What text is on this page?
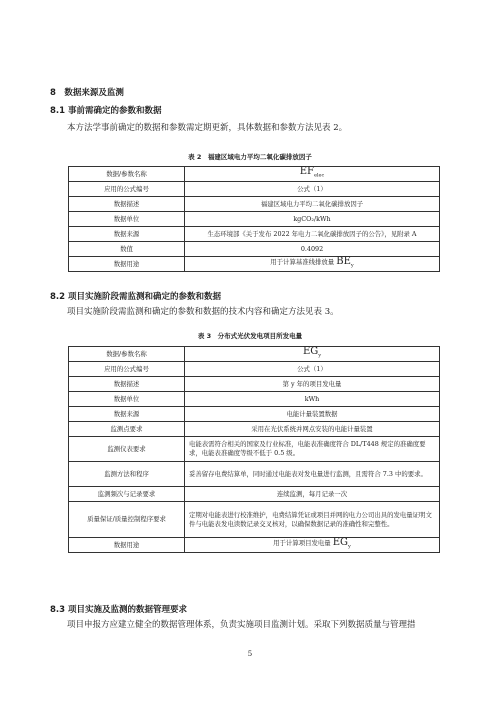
8　数据来源及监测
8.1 事前需确定的参数和数据
本方法学事前确定的数据和参数需定期更新，具体数据和参数方法见表 2。
表 2　福建区域电力平均二氧化碳排放因子
数据/参数名称	$EF_{elec}$
应用的公式编号	公式（1）
数据描述	福建区域电力平均二氧化碳排放因子
数据单位	kgCO₂/kWh
数据来源	生态环境部《关于发布 2022 年电力二氧化碳排放因子的公告》，见附录 A
数值	0.4092
数据用途	用于计算基准线排放量 $BE_y$
8.2 项目实施阶段需监测和确定的参数和数据
项目实施阶段需监测和确定的参数和数据的技术内容和确定方法见表 3。
表 3　分布式光伏发电项目所发电量
数据/参数名称	$EG_y$
应用的公式编号	公式（1）
数据描述	第 y 年的项目发电量
数据单位	kWh
数据来源	电能计量装置数据
监测点要求	采用在光伏系统并网点安装的电能计量装置
监测仪表要求	电能表需符合相关的国家及行业标准，电能表准确度符合 DL/T448 规定的准确度要求，电能表准确度等级不低于 0.5 级。
监测方法和程序	妥善留存电费结算单，同时通过电能表对发电量进行监测，且需符合 7.3 中的要求。
监测频次与记录要求	连续监测，每月记录一次
质量保证/质量控制程序要求	定期对电能表进行校准维护，电费结算凭证或项目并网的电力公司出具的发电量证明文件与电能表发电读数记录交叉核对，以确保数据记录的准确性和完整性。
数据用途	用于计算项目发电量 $EG_y$
8.3 项目实施及监测的数据管理要求
项目申报方应建立健全的数据管理体系，负责实施项目监测计划。采取下列数据质量与管理措
5
